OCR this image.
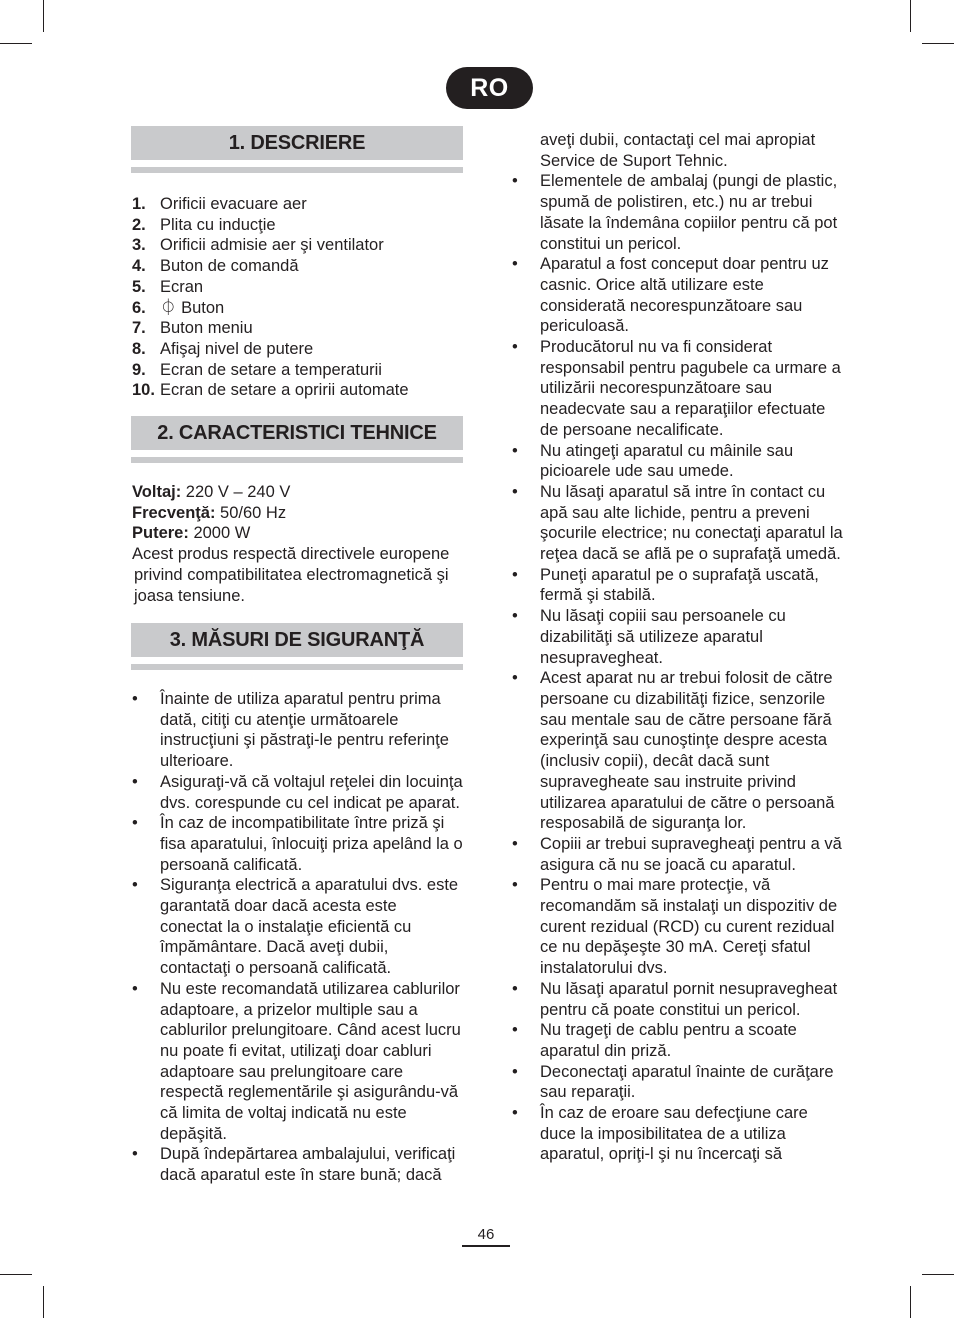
RO
1. DESCRIERE
1. Orificii evacuare aer
2. Plita cu inducţie
3. Orificii admisie aer şi ventilator
4. Buton de comandă
5. Ecran
6. ⏀ Buton
7. Buton meniu
8. Afişaj nivel de putere
9. Ecran de setare a temperaturii
10. Ecran de setare a opririi automate
2. CARACTERISTICI TEHNICE

Voltaj: 220 V – 240 V

Frecvenţă: 50/60 Hz

Putere: 2000 W

Acest produs respectă directivele europene

privind compatibilitatea electromagnetică şi

joasa tensiune.

3. MĂSURI DE SIGURANŢĂ
• Înainte de utiliza aparatul pentru prima dată, citiţi cu atenţie următoarele instrucţiuni şi păstraţi-le pentru referinţe ulterioare.
• Asiguraţi-vă că voltajul reţelei din locuinţa dvs. corespunde cu cel indicat pe aparat.
• În caz de incompatibilitate între priză şi fisa aparatului, înlocuiţi priza apelând la o persoană calificată.
• Siguranţa electrică a aparatului dvs. este garantată doar dacă acesta este conectat la o instalaţie eficientă cu împământare. Dacă aveţi dubii, contactaţi o persoană calificată.
• Nu este recomandată utilizarea cablurilor adaptoare, a prizelor multiple sau a cablurilor prelungitoare. Când acest lucru nu poate fi evitat, utilizaţi doar cabluri adaptoare sau prelungitoare care respectă reglementările şi asigurându-vă că limita de voltaj indicată nu este depăşită.
• După îndepărtarea ambalajului, verificaţi dacă aparatul este în stare bună; dacă
aveţi dubii, contactaţi cel mai apropiat Service de Suport Tehnic.
• Elementele de ambalaj (pungi de plastic, spumă de polistiren, etc.) nu ar trebui lăsate la îndemâna copiilor pentru că pot constitui un pericol.
• Aparatul a fost conceput doar pentru uz casnic. Orice altă utilizare este considerată necorespunzătoare sau periculoasă.
• Producătorul nu va fi considerat responsabil pentru pagubele ca urmare a utilizării necorespunzătoare sau neadecvate sau a reparaţiilor efectuate de persoane necalificate.
• Nu atingeţi aparatul cu mâinile sau picioarele ude sau umede.
• Nu lăsaţi aparatul să intre în contact cu apă sau alte lichide, pentru a preveni şocurile electrice; nu conectaţi aparatul la reţea dacă se află pe o suprafaţă umedă.
• Puneţi aparatul pe o suprafaţă uscată, fermă şi stabilă.
• Nu lăsaţi copiii sau persoanele cu dizabilităţi să utilizeze aparatul nesupravegheat.
• Acest aparat nu ar trebui folosit de către persoane cu dizabilităţi fizice, senzorile sau mentale sau de către persoane fără experinţă sau cunoştinţe despre acesta (inclusiv copii), decât dacă sunt supravegheate sau instruite privind utilizarea aparatului de către o persoană resposabilă de siguranţa lor.
• Copiii ar trebui supravegheaţi pentru a vă asigura că nu se joacă cu aparatul.
• Pentru o mai mare protecţie, vă recomandăm să instalaţi un dispozitiv de curent rezidual (RCD) cu curent rezidual ce nu depăşeşte 30 mA. Cereţi sfatul instalatorului dvs.
• Nu lăsaţi aparatul pornit nesupravegheat pentru că poate constitui un pericol.
• Nu trageţi de cablu pentru a scoate aparatul din priză.
• Deconectaţi aparatul înainte de curăţare sau reparaţii.
• În caz de eroare sau defecţiune care duce la imposibilitatea de a utiliza aparatul, opriţi-l şi nu încercaţi să
46
